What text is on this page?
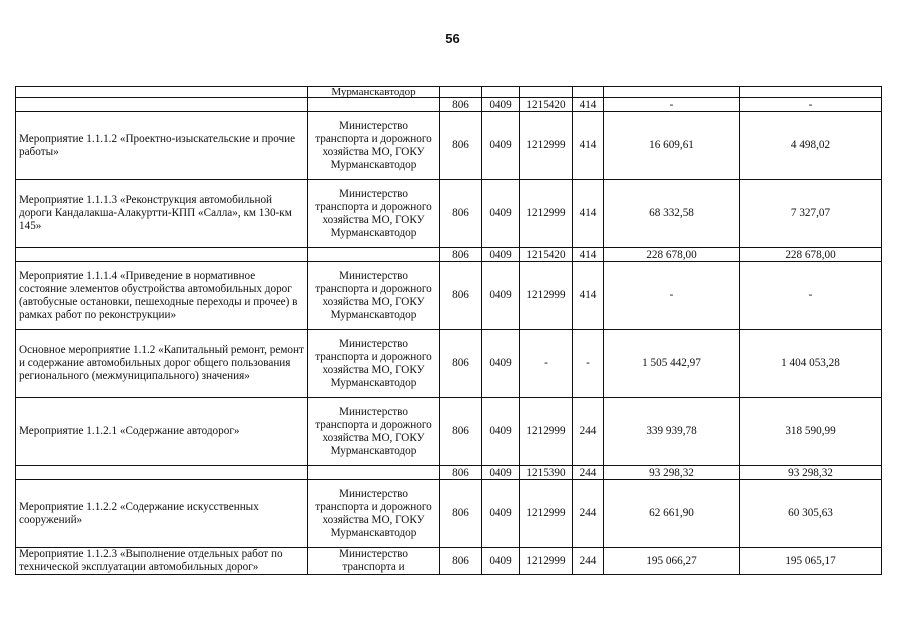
56
	Мурманскавтодор						
		806	0409	1215420	414	-	-
Мероприятие 1.1.1.2 «Проектно-изыскательские и прочие работы»	Министерство транспорта и дорожного хозяйства МО, ГОКУ Мурманскавтодор	806	0409	1212999	414	16 609,61	4 498,02
Мероприятие 1.1.1.3 «Реконструкция автомобильной дороги Кандалакша-Алакуртти-КПП «Салла», км 130-км 145»	Министерство транспорта и дорожного хозяйства МО, ГОКУ Мурманскавтодор	806	0409	1212999	414	68 332,58	7 327,07
		806	0409	1215420	414	228 678,00	228 678,00
Мероприятие 1.1.1.4 «Приведение в нормативное состояние элементов обустройства автомобильных дорог (автобусные остановки, пешеходные переходы и прочее) в рамках работ по реконструкции»	Министерство транспорта и дорожного хозяйства МО, ГОКУ Мурманскавтодор	806	0409	1212999	414	-	-
Основное мероприятие 1.1.2 «Капитальный ремонт, ремонт и содержание автомобильных дорог общего пользования регионального (межмуниципального) значения»	Министерство транспорта и дорожного хозяйства МО, ГОКУ Мурманскавтодор	806	0409	-	-	1 505 442,97	1 404 053,28
Мероприятие 1.1.2.1 «Содержание автодорог»	Министерство транспорта и дорожного хозяйства МО, ГОКУ Мурманскавтодор	806	0409	1212999	244	339 939,78	318 590,99
		806	0409	1215390	244	93 298,32	93 298,32
Мероприятие 1.1.2.2 «Содержание искусственных сооружений»	Министерство транспорта и дорожного хозяйства МО, ГОКУ Мурманскавтодор	806	0409	1212999	244	62 661,90	60 305,63
Мероприятие 1.1.2.3 «Выполнение отдельных работ по технической эксплуатации автомобильных дорог»	Министерство транспорта и	806	0409	1212999	244	195 066,27	195 065,17
